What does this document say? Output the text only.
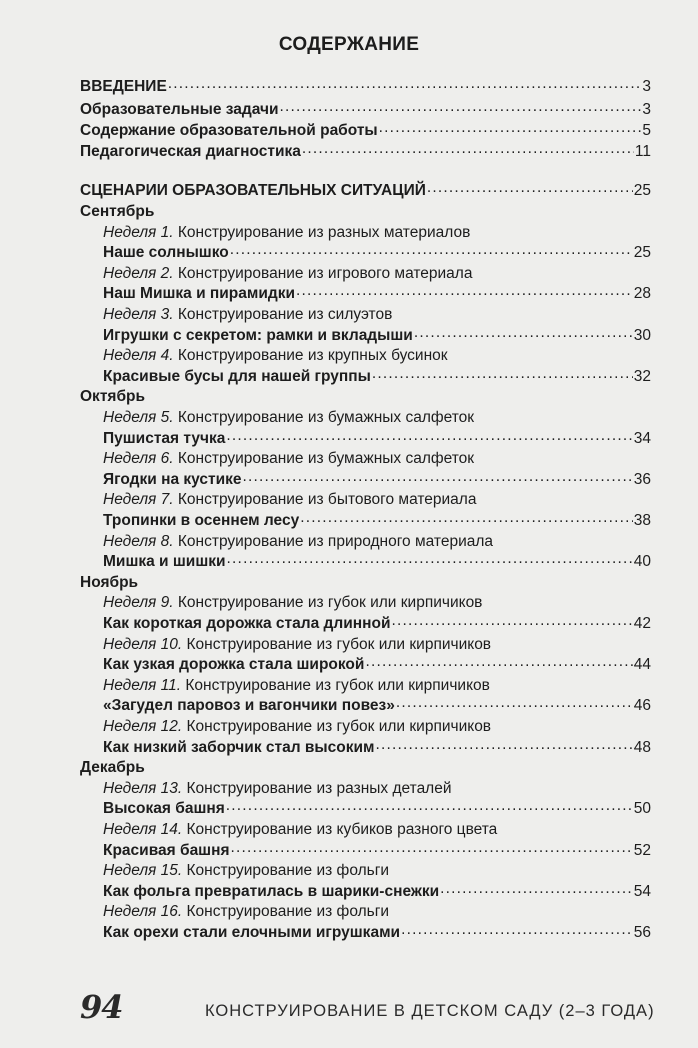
СОДЕРЖАНИЕ
ВВЕДЕНИЕ .....	3
Образовательные задачи .....	3
Содержание образовательной работы .....	5
Педагогическая диагностика .....	11
СЦЕНАРИИ ОБРАЗОВАТЕЛЬНЫХ СИТУАЦИЙ .....	25
Сентябрь
Неделя 1. Конструирование из разных материалов
Наше солнышко .....	25
Неделя 2. Конструирование из игрового материала
Наш Мишка и пирамидки .....	28
Неделя 3. Конструирование из силуэтов
Игрушки с секретом: рамки и вкладыши .....	30
Неделя 4. Конструирование из крупных бусинок
Красивые бусы для нашей группы .....	32
Октябрь
Неделя 5. Конструирование из бумажных салфеток
Пушистая тучка .....	34
Неделя 6. Конструирование из бумажных салфеток
Ягодки на кустике .....	36
Неделя 7. Конструирование из бытового материала
Тропинки в осеннем лесу .....	38
Неделя 8. Конструирование из природного материала
Мишка и шишки .....	40
Ноябрь
Неделя 9. Конструирование из губок или кирпичиков
Как короткая дорожка стала длинной .....	42
Неделя 10. Конструирование из губок или кирпичиков
Как узкая дорожка стала широкой .....	44
Неделя 11. Конструирование из губок или кирпичиков
«Загудел паровоз и вагончики повез» .....	46
Неделя 12. Конструирование из губок или кирпичиков
Как низкий заборчик стал высоким .....	48
Декабрь
Неделя 13. Конструирование из разных деталей
Высокая башня .....	50
Неделя 14. Конструирование из кубиков разного цвета
Красивая башня .....	52
Неделя 15. Конструирование из фольги
Как фольга превратилась в шарики-снежки .....	54
Неделя 16. Конструирование из фольги
Как орехи стали елочными игрушками .....	56
94	КОНСТРУИРОВАНИЕ В ДЕТСКОМ САДУ (2–3 ГОДА)
